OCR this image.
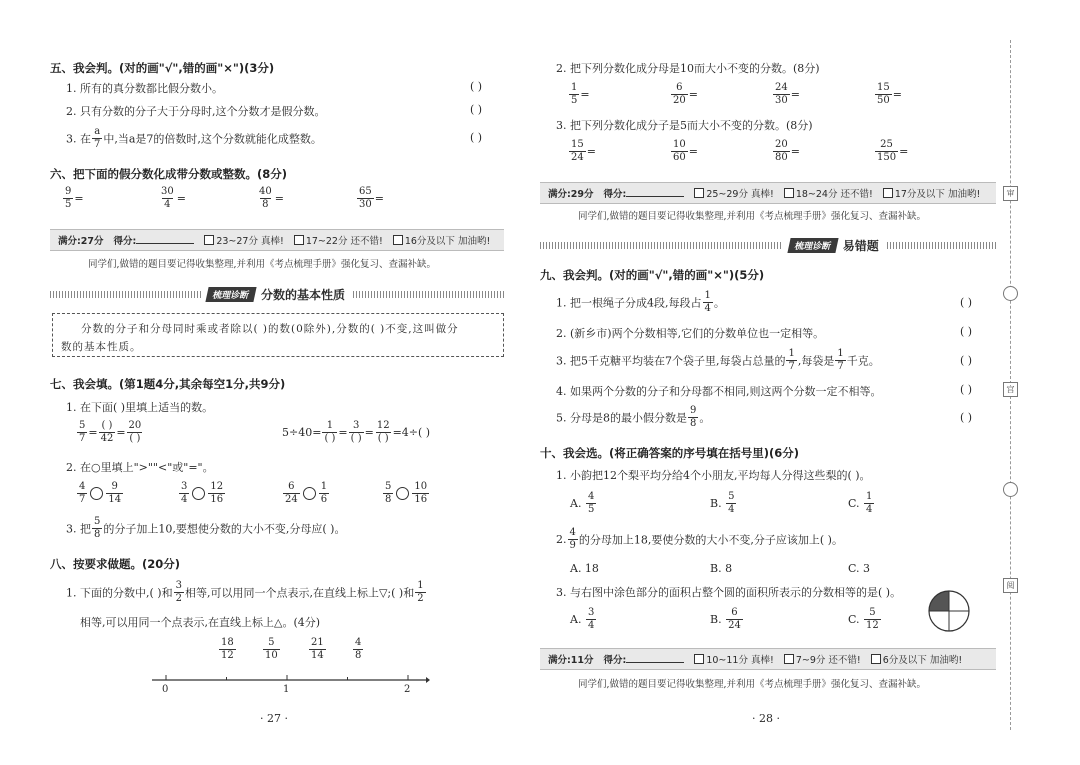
五、我会判。(对的画"√",错的画"×")(3分)
1. 所有的真分数都比假分数小。	( )
2. 只有分数的分子大于分母时,这个分数才是假分数。	( )
3. 在 $\frac{a}{7}$ 中,当a是7的倍数时,这个分数就能化成整数。	( )
六、把下面的假分数化成带分数或整数。(8分)
$\frac{9}{5}$ =	$\frac{30}{4}$ =	$\frac{40}{8}$ =	$\frac{65}{30}$ =
满分:27分 得分:	23~27分 真棒!	17~22分 还不错!	16分及以下 加油哟!
同学们,做错的题目要记得收集整理,并利用《考点梳理手册》强化复习、查漏补缺。
梳理诊断 分数的基本性质
分数的分子和分母同时乘或者除以( )的数(0除外),分数的( )不变,这叫做分
数的基本性质。
七、我会填。(第1题4分,其余每空1分,共9分)
1. 在下面( )里填上适当的数。
$\frac{5}{7} = \frac{( )}{42} = \frac{20}{( )}$	$5\div 40= \frac{1}{( )} = \frac{3}{( )} = \frac{12}{( )} =4\div$( )
2. 在○里填上">""<"或"="。
$\frac{4}{7} \frac{9}{14}$	$\frac{3}{4} \frac{12}{16}$	$\frac{6}{24} \frac{1}{6}$	$\frac{5}{8} \frac{10}{16}$
3. 把 $\frac{5}{8}$ 的分子加上10,要想使分数的大小不变,分母应( )。
八、按要求做题。(20分)
1. 下面的分数中,( )和 $\frac{3}{2}$ 相等,可以用同一个点表示,在直线上标上▽;( )和 $\frac{1}{2}$
相等,可以用同一个点表示,在直线上标上△。(4分)
$\frac{18}{12}$	$\frac{5}{10}$	$\frac{21}{14}$	$\frac{4}{8}$
0	1	2
· 27 ·
2. 把下列分数化成分母是10而大小不变的分数。(8分)
$\frac{1}{5}$ =	$\frac{6}{20}$ =	$\frac{24}{30}$ =	$\frac{15}{50}$ =
3. 把下列分数化成分子是5而大小不变的分数。(8分)
$\frac{15}{24}$ =	$\frac{10}{60}$ =	$\frac{20}{80}$ =	$\frac{25}{150}$ =
满分:29分 得分:	25~29分 真棒!	18~24分 还不错!	17分及以下 加油哟!
同学们,做错的题目要记得收集整理,并利用《考点梳理手册》强化复习、查漏补缺。
梳理诊断 易错题
九、我会判。(对的画"√",错的画"×")(5分)
1. 把一根绳子分成4段,每段占 $\frac{1}{4}$ 。	( )
2. (新乡市)两个分数相等,它们的分数单位也一定相等。	( )
3. 把5千克糖平均装在7个袋子里,每袋占总量的 $\frac{1}{7}$ ,每袋是 $\frac{1}{7}$ 千克。	( )
4. 如果两个分数的分子和分母都不相同,则这两个分数一定不相等。	( )
5. 分母是8的最小假分数是 $\frac{9}{8}$ 。	( )
十、我会选。(将正确答案的序号填在括号里)(6分)
1. 小韵把12个梨平均分给4个小朋友,平均每人分得这些梨的( )。
A. $\frac{4}{5}$	B. $\frac{5}{4}$	C. $\frac{1}{4}$
2. $\frac{4}{9}$ 的分母加上18,要使分数的大小不变,分子应该加上( )。
A. 18	B. 8	C. 3
3. 与右图中涂色部分的面积占整个圆的面积所表示的分数相等的是( )。
A. $\frac{3}{4}$	B. $\frac{6}{24}$	C. $\frac{5}{12}$
满分:11分 得分:	10~11分 真棒!	7~9分 还不错!	6分及以下 加油哟!
同学们,做错的题目要记得收集整理,并利用《考点梳理手册》强化复习、查漏补缺。
· 28 ·
审
宫
阅
